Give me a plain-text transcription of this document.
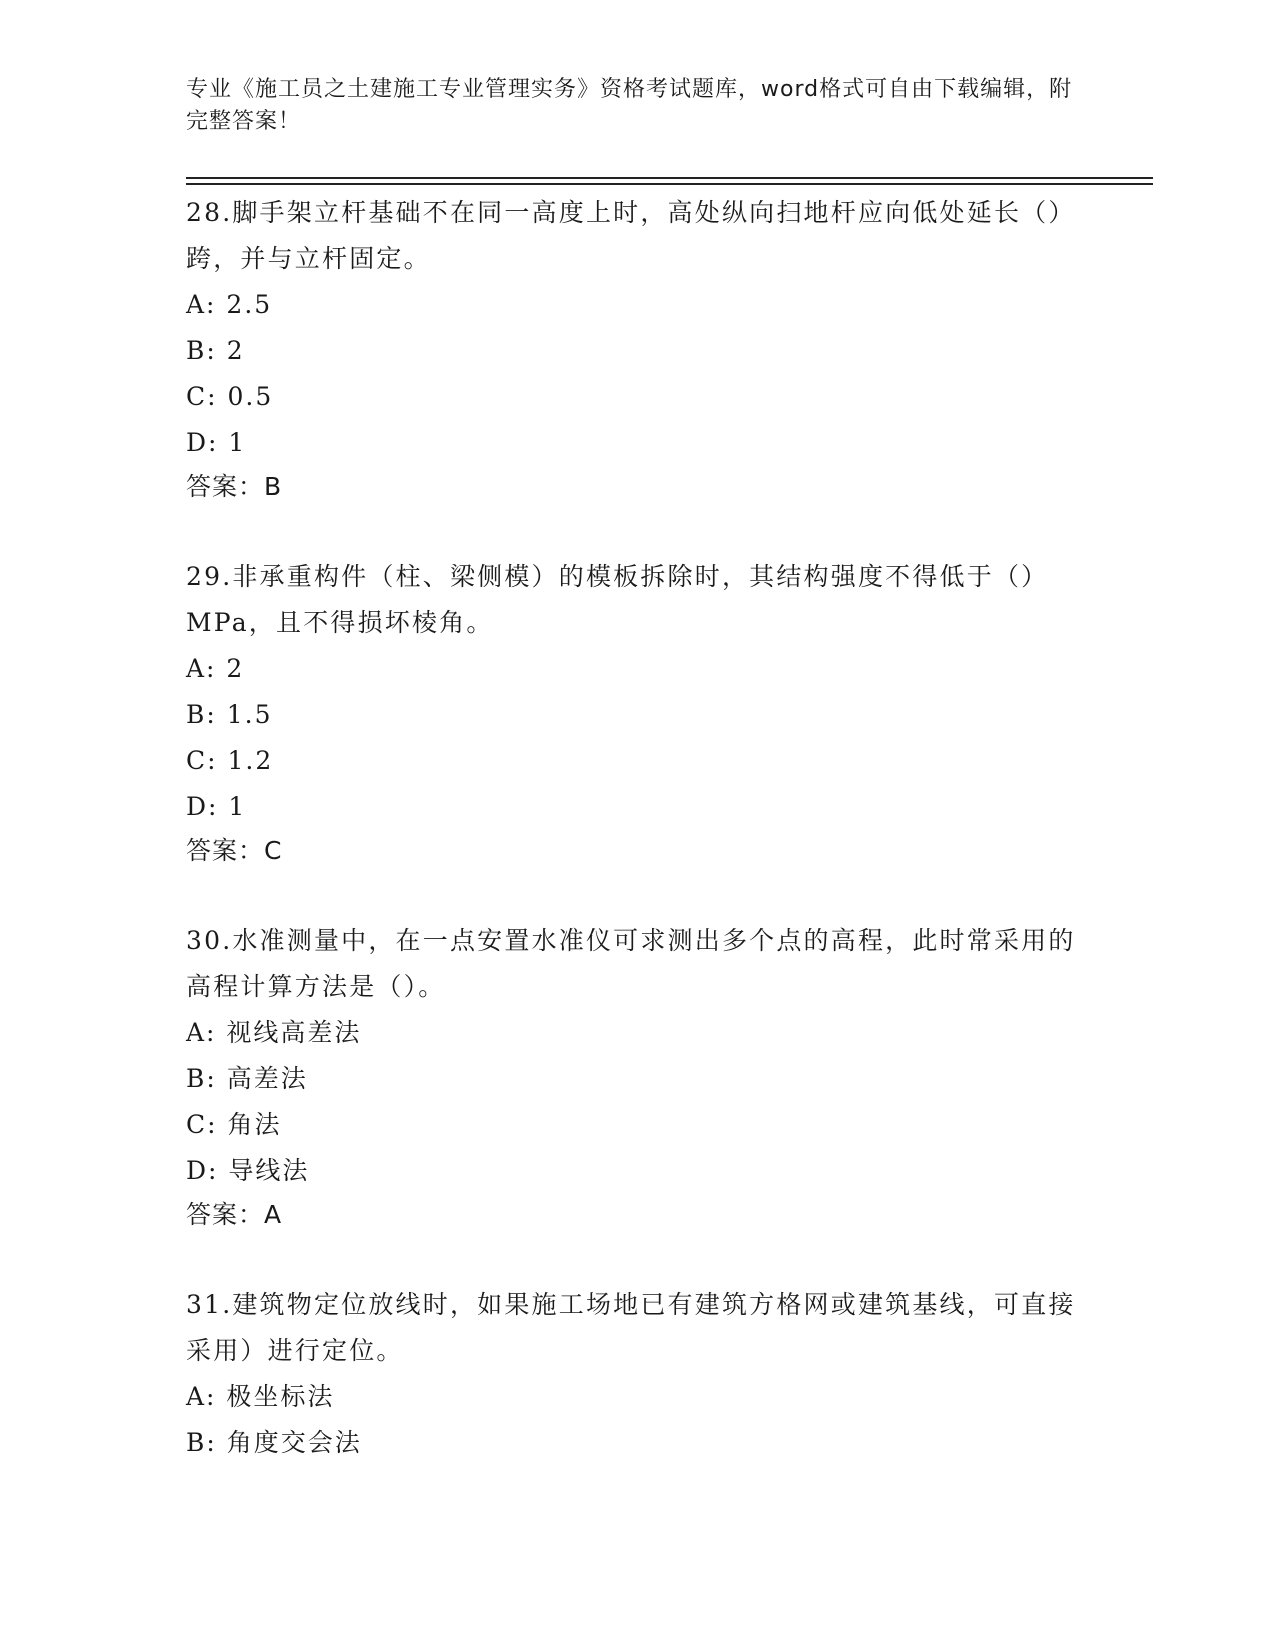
专业《施工员之土建施工专业管理实务》资格考试题库，word格式可自由下载编辑，附完整答案！
28.脚手架立杆基础不在同一高度上时，高处纵向扫地杆应向低处延长（）跨，并与立杆固定。
A: 2.5
B: 2
C: 0.5
D: 1
答案：B
29.非承重构件（柱、梁侧模）的模板拆除时，其结构强度不得低于（）MPa，且不得损坏棱角。
A: 2
B: 1.5
C: 1.2
D: 1
答案：C
30.水准测量中，在一点安置水准仪可求测出多个点的高程，此时常采用的高程计算方法是（）。
A: 视线高差法
B: 高差法
C: 角法
D: 导线法
答案：A
31.建筑物定位放线时，如果施工场地已有建筑方格网或建筑基线，可直接采用）进行定位。
A: 极坐标法
B: 角度交会法
